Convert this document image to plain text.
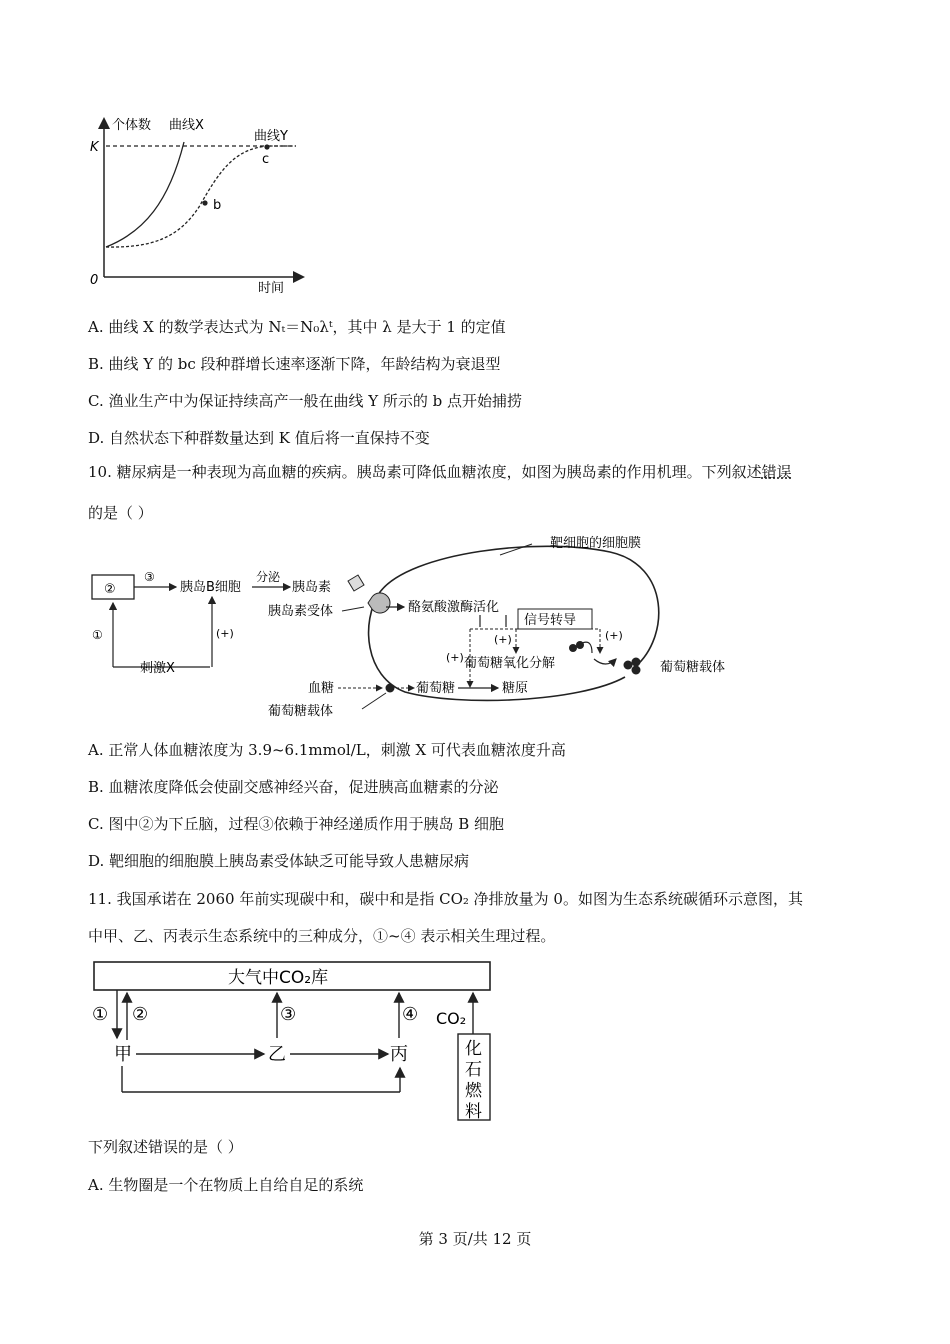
个体数 曲线X
曲线Y
K
0
b
c
时间
A. 曲线 X 的数学表达式为 Nₜ＝N₀λᵗ，其中 λ 是大于 1 的定值
B. 曲线 Y 的 bc 段种群增长速率逐渐下降，年龄结构为衰退型
C. 渔业生产中为保证持续高产一般在曲线 Y 所示的 b 点开始捕捞
D. 自然状态下种群数量达到 K 值后将一直保持不变
10. 糖尿病是一种表现为高血糖的疾病。胰岛素可降低血糖浓度，如图为胰岛素的作用机理。下列叙述错误
的是（ ）
靶细胞的细胞膜
②
③
胰岛B细胞
分泌
胰岛素
胰岛素受体
①	(+)
刺激X
酪氨酸激酶活化
信号转导
(+)	(+)
(+) 葡萄糖氧化分解	葡萄糖载体
血糖	葡萄糖	糖原
葡萄糖载体
A. 正常人体血糖浓度为 3.9~6.1mmol/L，刺激 X 可代表血糖浓度升高
B. 血糖浓度降低会使副交感神经兴奋，促进胰高血糖素的分泌
C. 图中②为下丘脑，过程③依赖于神经递质作用于胰岛 B 细胞
D. 靶细胞的细胞膜上胰岛素受体缺乏可能导致人患糖尿病
11. 我国承诺在 2060 年前实现碳中和，碳中和是指 CO₂ 净排放量为 0。如图为生态系统碳循环示意图，其
中甲、乙、丙表示生态系统中的三种成分，①~④ 表示相关生理过程。
大气中CO₂库
① ②	③	④ CO₂
化
石
燃
料
甲	乙	丙
下列叙述错误的是（ ）
A. 生物圈是一个在物质上自给自足的系统
第 3 页/共 12 页
